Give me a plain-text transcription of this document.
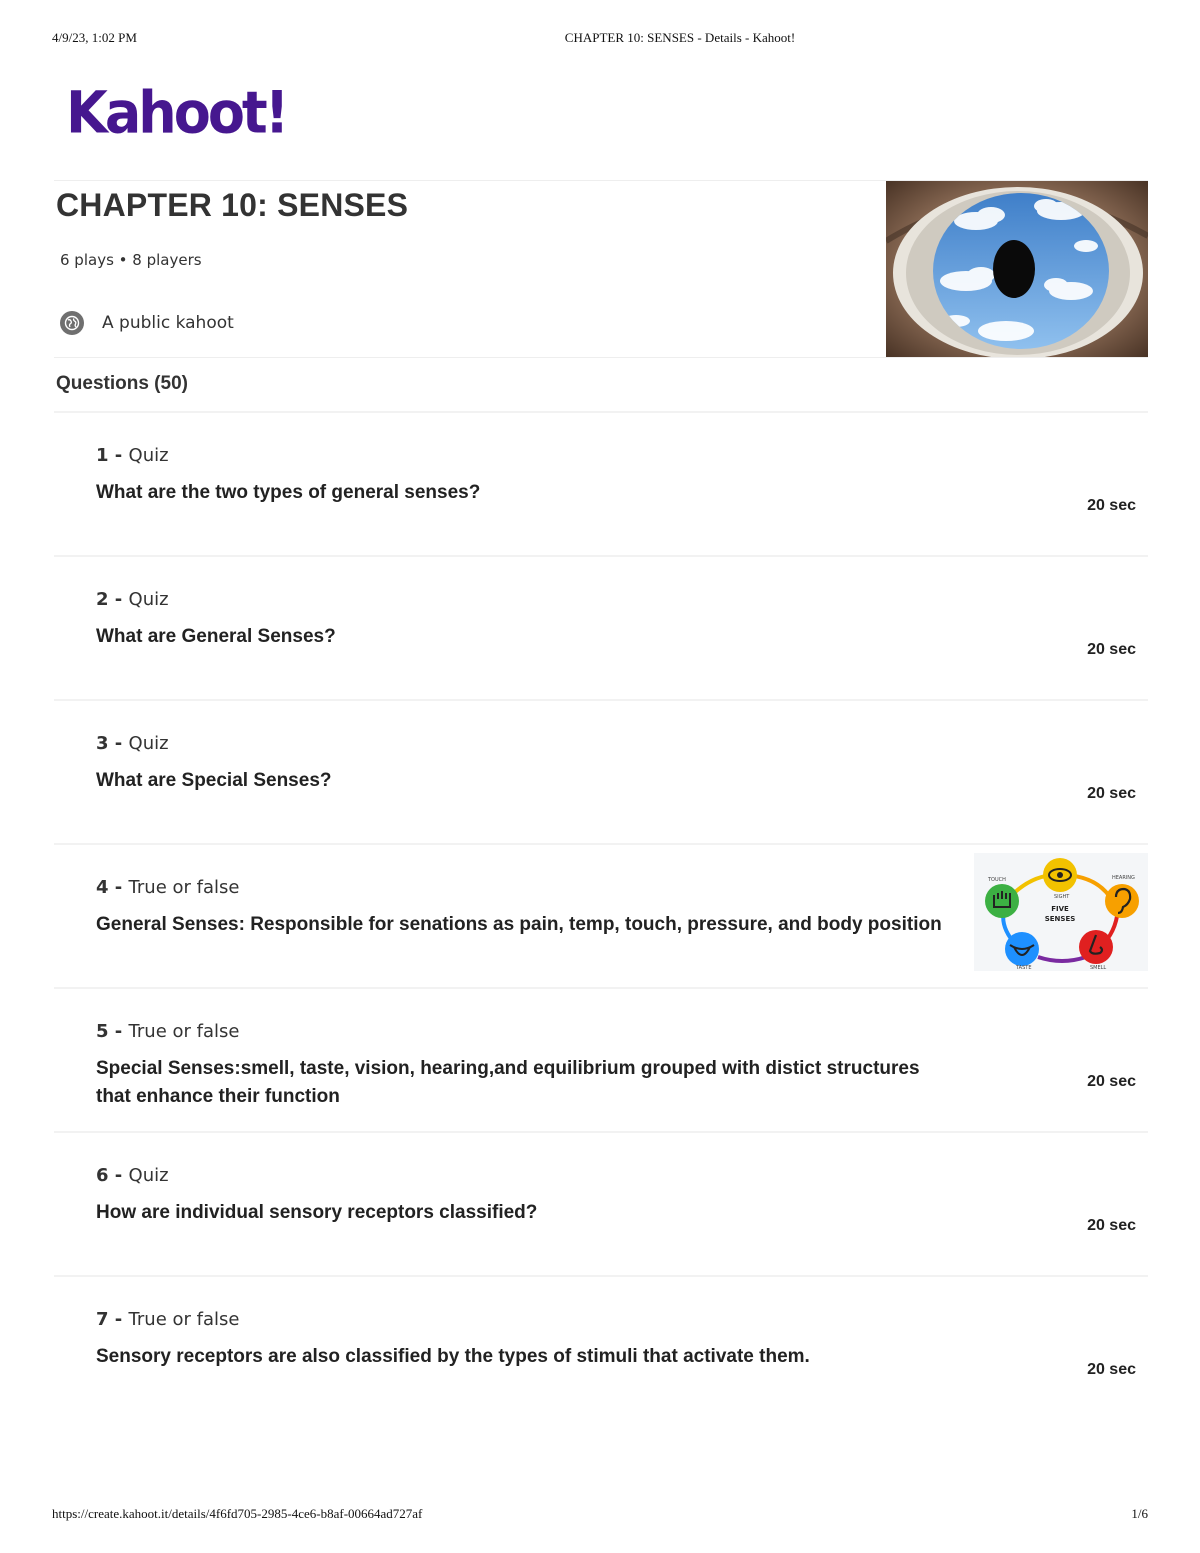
4/9/23, 1:02 PM	CHAPTER 10: SENSES - Details - Kahoot!
Kahoot!
CHAPTER 10: SENSES
6 plays • 8 players
A public kahoot
Questions (50)
1 - Quiz
What are the two types of general senses?
20 sec
2 - Quiz
What are General Senses?
20 sec
3 - Quiz
What are Special Senses?
20 sec
4 - True or false
General Senses: Responsible for senations as pain, temp, touch, pressure, and body position
FIVE
SENSES
TOUCH
SIGHT
HEARING
SMELL
TASTE
5 - True or false
Special Senses:smell, taste, vision, hearing,and equilibrium grouped with distict structures that enhance their function
20 sec
6 - Quiz
How are individual sensory receptors classified?
20 sec
7 - True or false
Sensory receptors are also classified by the types of stimuli that activate them.
20 sec
https://create.kahoot.it/details/4f6fd705-2985-4ce6-b8af-00664ad727af	1/6
